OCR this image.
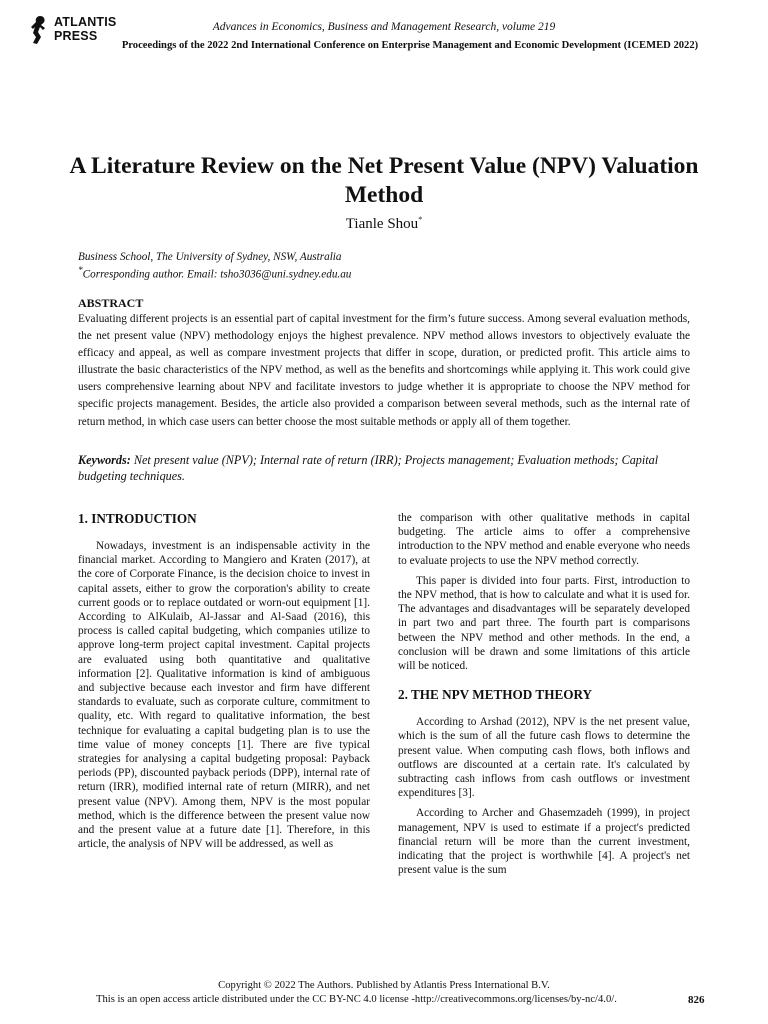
ATLANTIS
PRESS
Advances in Economics, Business and Management Research, volume 219
Proceedings of the 2022 2nd International Conference on Enterprise Management and Economic Development (ICEMED 2022)
A Literature Review on the Net Present Value (NPV) Valuation Method
Tianle Shou*
Business School, The University of Sydney, NSW, Australia
*Corresponding author. Email: tsho3036@uni.sydney.edu.au
ABSTRACT

Evaluating different projects is an essential part of capital investment for the firm’s future success. Among several evaluation methods, the net present value (NPV) methodology enjoys the highest prevalence. NPV method allows investors to objectively evaluate the efficacy and appeal, as well as compare investment projects that differ in scope, duration, or predicted profit. This article aims to illustrate the basic characteristics of the NPV method, as well as the benefits and shortcomings while applying it. This work could give users comprehensive learning about NPV and facilitate investors to judge whether it is appropriate to choose the NPV method for specific projects management. Besides, the article also provided a comparison between several methods, such as the internal rate of return method, in which case users can better choose the most suitable methods or apply all of them together.

Keywords: Net present value (NPV); Internal rate of return (IRR); Projects management; Evaluation methods; Capital budgeting techniques.

1. INTRODUCTION

Nowadays, investment is an indispensable activity in the financial market. According to Mangiero and Kraten (2017), at the core of Corporate Finance, is the decision choice to invest in capital assets, either to grow the corporation's ability to create current goods or to replace outdated or worn-out equipment [1]. According to AlKulaib, Al-Jassar and Al-Saad (2016), this process is called capital budgeting, which companies utilize to approve long-term project capital investment. Capital projects are evaluated using both quantitative and qualitative information [2]. Qualitative information is kind of ambiguous and subjective because each investor and firm have different standards to evaluate, such as corporate culture, commitment to quality, etc. With regard to qualitative information, the best technique for evaluating a capital budgeting plan is to use the time value of money concepts [1]. There are five typical strategies for analysing a capital budgeting proposal: Payback periods (PP), discounted payback periods (DPP), internal rate of return (IRR), modified internal rate of return (MIRR), and net present value (NPV). Among them, NPV is the most popular method, which is the difference between the present value now and the present value at a future date [1]. Therefore, in this article, the analysis of NPV will be addressed, as well as

the comparison with other qualitative methods in capital budgeting. The article aims to offer a comprehensive introduction to the NPV method and enable everyone who needs to evaluate projects to use the NPV method correctly.

This paper is divided into four parts. First, introduction to the NPV method, that is how to calculate and what it is used for. The advantages and disadvantages will be separately developed in part two and part three. The fourth part is comparisons between the NPV method and other methods. In the end, a conclusion will be drawn and some limitations of this article will be noticed.

2. THE NPV METHOD THEORY

According to Arshad (2012), NPV is the net present value, which is the sum of all the future cash flows to determine the present value. When computing cash flows, both inflows and outflows are discounted at a certain rate. It's calculated by subtracting cash inflows from cash outflows or investment expenditures [3].

According to Archer and Ghasemzadeh (1999), in project management, NPV is used to estimate if a project's predicted financial return will be more than the current investment, indicating that the project is worthwhile [4]. A project's net present value is the sum

Copyright © 2022 The Authors. Published by Atlantis Press International B.V.
This is an open access article distributed under the CC BY-NC 4.0 license -http://creativecommons.org/licenses/by-nc/4.0/.	826
